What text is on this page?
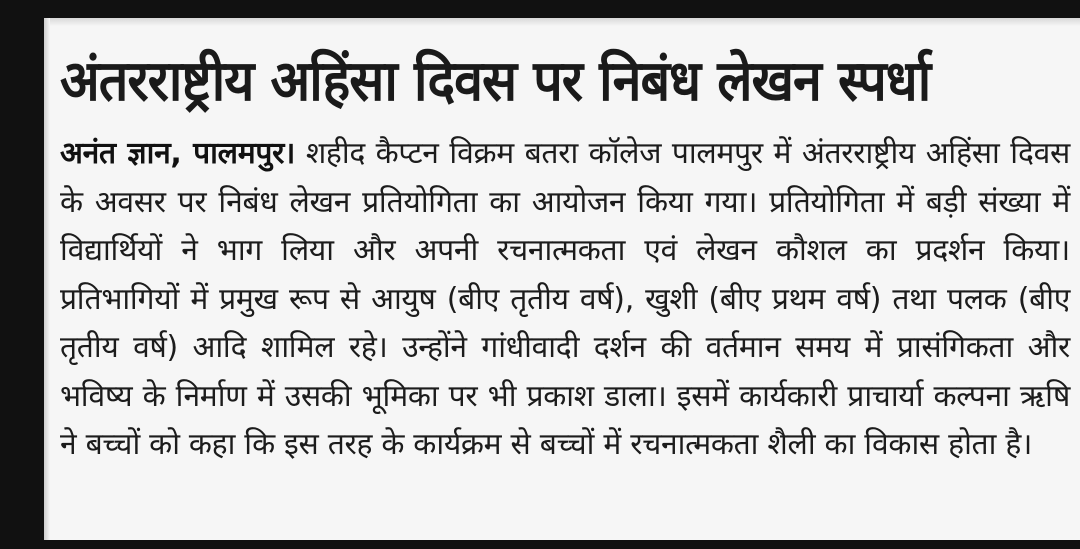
अंतरराष्ट्रीय अहिंसा दिवस पर निबंध लेखन स्पर्धा

अनंत ज्ञान, पालमपुर। शहीद कैप्टन विक्रम बतरा कॉलेज पालमपुर में अंतरराष्ट्रीय अहिंसा दिवस के अवसर पर निबंध लेखन प्रतियोगिता का आयोजन किया गया। प्रतियोगिता में बड़ी संख्या में विद्यार्थियों ने भाग लिया और अपनी रचनात्मकता एवं लेखन कौशल का प्रदर्शन किया। प्रतिभागियों में प्रमुख रूप से आयुष (बीए तृतीय वर्ष), खुशी (बीए प्रथम वर्ष) तथा पलक (बीए तृतीय वर्ष) आदि शामिल रहे। उन्होंने गांधीवादी दर्शन की वर्तमान समय में प्रासंगिकता और भविष्य के निर्माण में उसकी भूमिका पर भी प्रकाश डाला। इसमें कार्यकारी प्राचार्या कल्पना ऋषि ने बच्चों को कहा कि इस तरह के कार्यक्रम से बच्चों में रचनात्मकता शैली का विकास होता है।
